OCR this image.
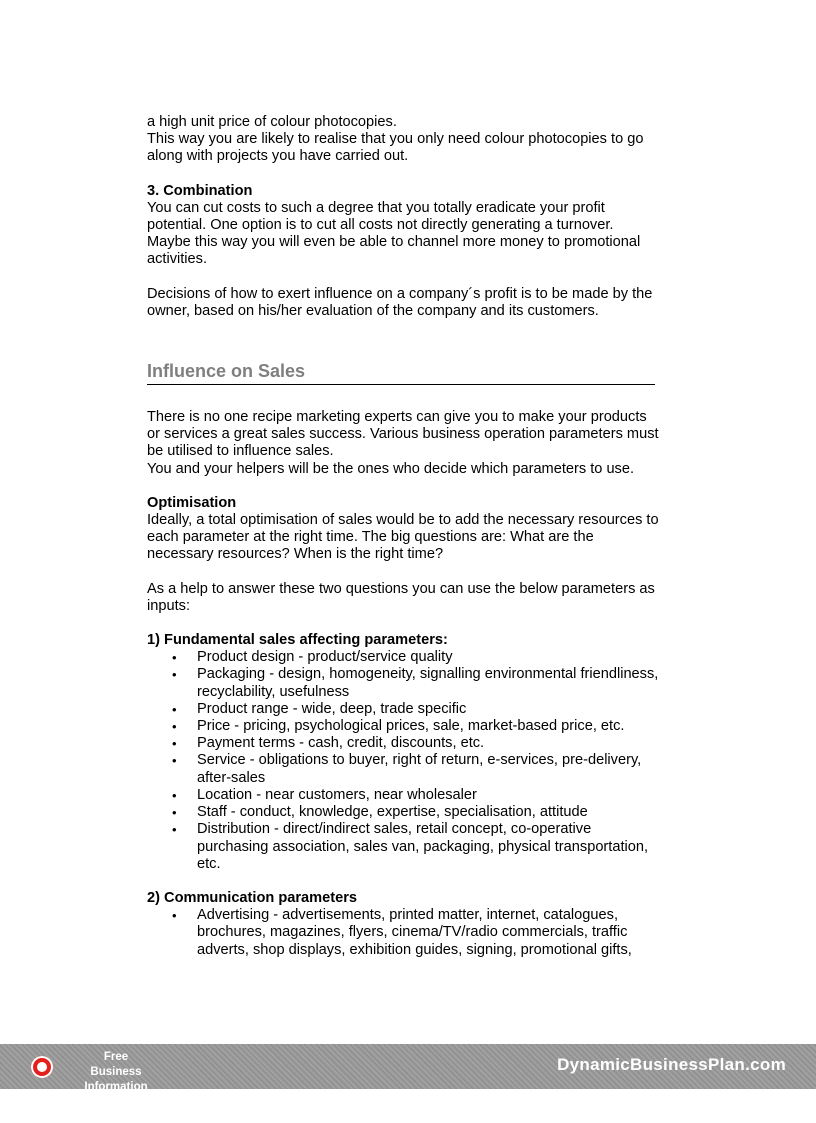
a high unit price of colour photocopies.

This way you are likely to realise that you only need colour photocopies to go along with projects you have carried out.

3. Combination

You can cut costs to such a degree that you totally eradicate your profit potential. One option is to cut all costs not directly generating a turnover. Maybe this way you will even be able to channel more money to promotional activities.

Decisions of how to exert influence on a company´s profit is to be made by the owner, based on his/her evaluation of the company and its customers.

Influence on Sales

There is no one recipe marketing experts can give you to make your products or services a great sales success. Various business operation parameters must be utilised to influence sales.

You and your helpers will be the ones who decide which parameters to use.

Optimisation

Ideally, a total optimisation of sales would be to add the necessary resources to each parameter at the right time. The big questions are: What are the necessary resources? When is the right time?

As a help to answer these two questions you can use the below parameters as inputs:

1) Fundamental sales affecting parameters:

• Product design - product/service quality
• Packaging - design, homogeneity, signalling environmental friendliness, recyclability, usefulness
• Product range - wide, deep, trade specific
• Price - pricing, psychological prices, sale, market-based price, etc.
• Payment terms - cash, credit, discounts, etc.
• Service - obligations to buyer, right of return, e-services, pre-delivery, after-sales
• Location - near customers, near wholesaler
• Staff - conduct, knowledge, expertise, specialisation, attitude
• Distribution - direct/indirect sales, retail concept, co-operative purchasing association, sales van, packaging, physical transportation, etc.

2) Communication parameters

• Advertising - advertisements, printed matter, internet, catalogues, brochures, magazines, flyers, cinema/TV/radio commercials, traffic adverts, shop displays, exhibition guides, signing, promotional gifts,
Free Business
Information
DynamicBusinessPlan.com
